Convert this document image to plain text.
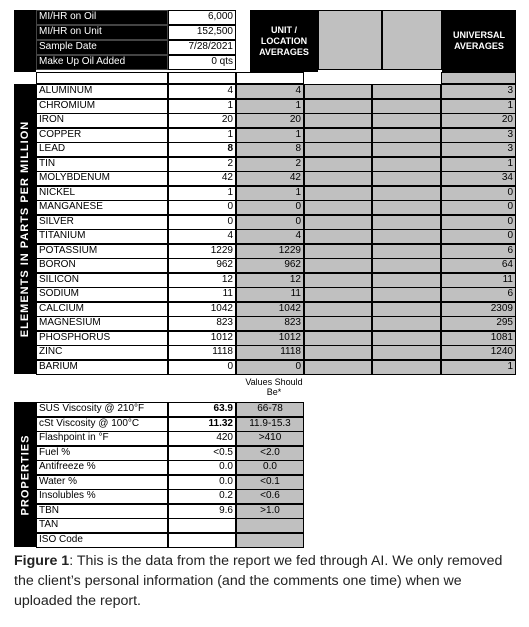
MI/HR on Oil	6,000
MI/HR on Unit	152,500
Sample Date	7/28/2021
Make Up Oil Added	0 qts
UNIT / LOCATION AVERAGES
UNIVERSAL AVERAGES
ELEMENTS IN PARTS PER MILLION
ALUMINUM	4	4	3
CHROMIUM	1	1	1
IRON	20	20	20
COPPER	1	1	3
LEAD	8	8	3
TIN	2	2	1
MOLYBDENUM	42	42	34
NICKEL	1	1	0
MANGANESE	0	0	0
SILVER	0	0	0
TITANIUM	4	4	0
POTASSIUM	1229	1229	6
BORON	962	962	64
SILICON	12	12	11
SODIUM	11	11	6
CALCIUM	1042	1042	2309
MAGNESIUM	823	823	295
PHOSPHORUS	1012	1012	1081
ZINC	1118	1118	1240
BARIUM	0	0	1
Values Should Be*
PROPERTIES
SUS Viscosity @ 210°F	63.9	66-78
cSt Viscosity @ 100°C	11.32	11.9-15.3
Flashpoint in °F	420	>410
Fuel %	<0.5	<2.0
Antifreeze %	0.0	0.0
Water %	0.0	<0.1
Insolubles %	0.2	<0.6
TBN	9.6	>1.0
TAN
ISO Code
Figure 1: This is the data from the report we fed through AI. We only removed the client’s personal information (and the comments one time) when we uploaded the report.
